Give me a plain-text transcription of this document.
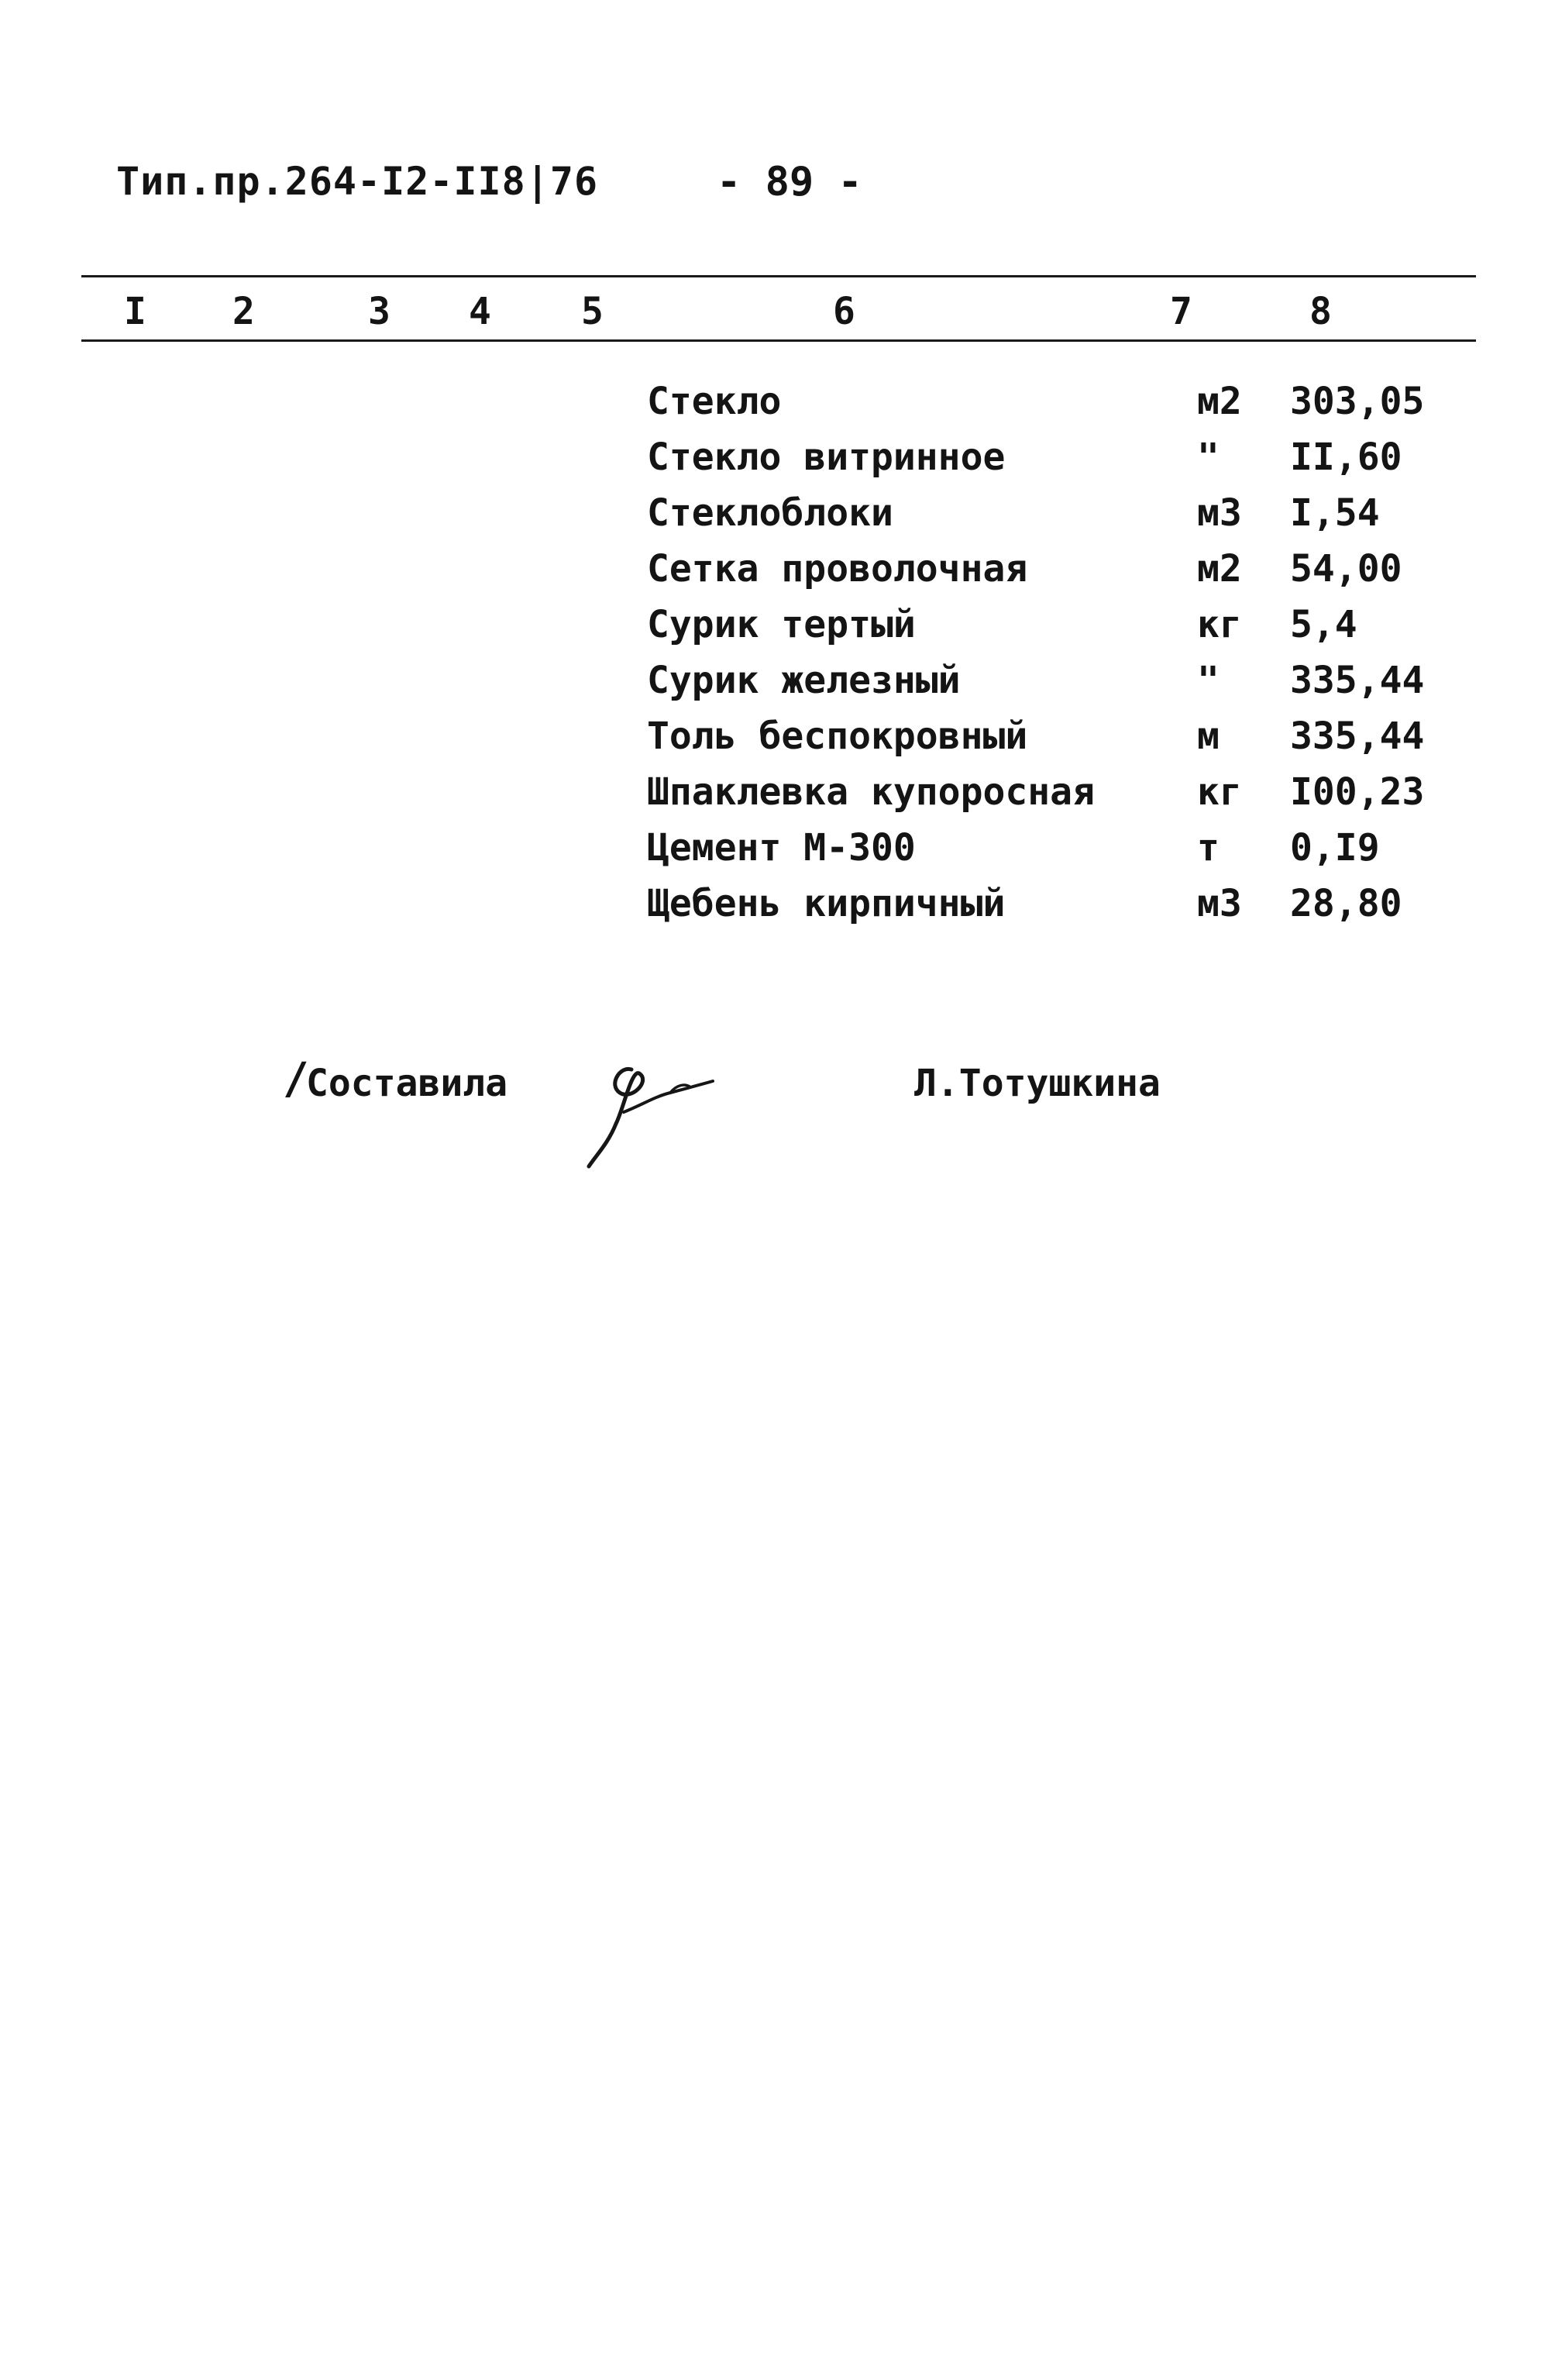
Тип.пр.264-I2-II8|76	- 89 -
I 2	3 4 5	6	7	8
Стекло	м2 303,05
Стекло витринное	" II,60
Стеклоблоки	м3 I,54
Сетка проволочная	м2 54,00
Сурик тертый	кг 5,4
Сурик железный	" 335,44
Толь беспокровный	м 335,44
Шпаклевка купоросная	кг I00,23
Цемент М-300	т 0,I9
Щебень кирпичный	м3 28,80
/
Составила	Л.Тотушкина
